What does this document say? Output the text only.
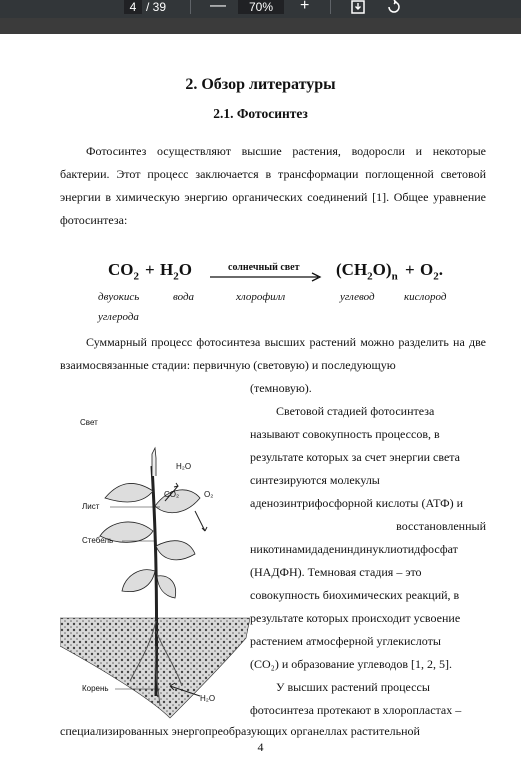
4 / 39	—	70%	+
2. Обзор литературы
2.1. Фотосинтез
Фотосинтез осуществляют высшие растения, водоросли и некоторые бактерии. Этот процесс заключается в трансформации поглощенной световой энергии в химическую энергию органических соединений [1]. Общее уравнение фотосинтеза:
$CO_2 + H_2O$	солнечный свет $(CH_2O)_n + O_2$.
двуокись
углерода
вода	хлорофилл	углевод	кислород
Суммарный процесс фотосинтеза высших растений можно разделить на две взаимосвязанные стадии: первичную (световую) и последующую
(темновую).
Световой стадией фотосинтеза
называют совокупность процессов, в
результате которых за счет энергии света
синтезируются молекулы
аденозинтрифосфорной кислоты (АТФ) и
восстановленный
никотинамидадениндинуклиотидфосфат
(НАДФН). Темновая стадия – это
совокупность биохимических реакций, в
результате которых происходит усвоение
растением атмосферной углекислоты
(СО₂) и образование углеводов [1, 2, 5].
У высших растений процессы
фотосинтеза протекают в хлоропластах –
специализированных энергопреобразующих органеллах растительной
Свет
Лист
Стебель
Корень
H₂O
CO₂	O₂
H₂O
4
